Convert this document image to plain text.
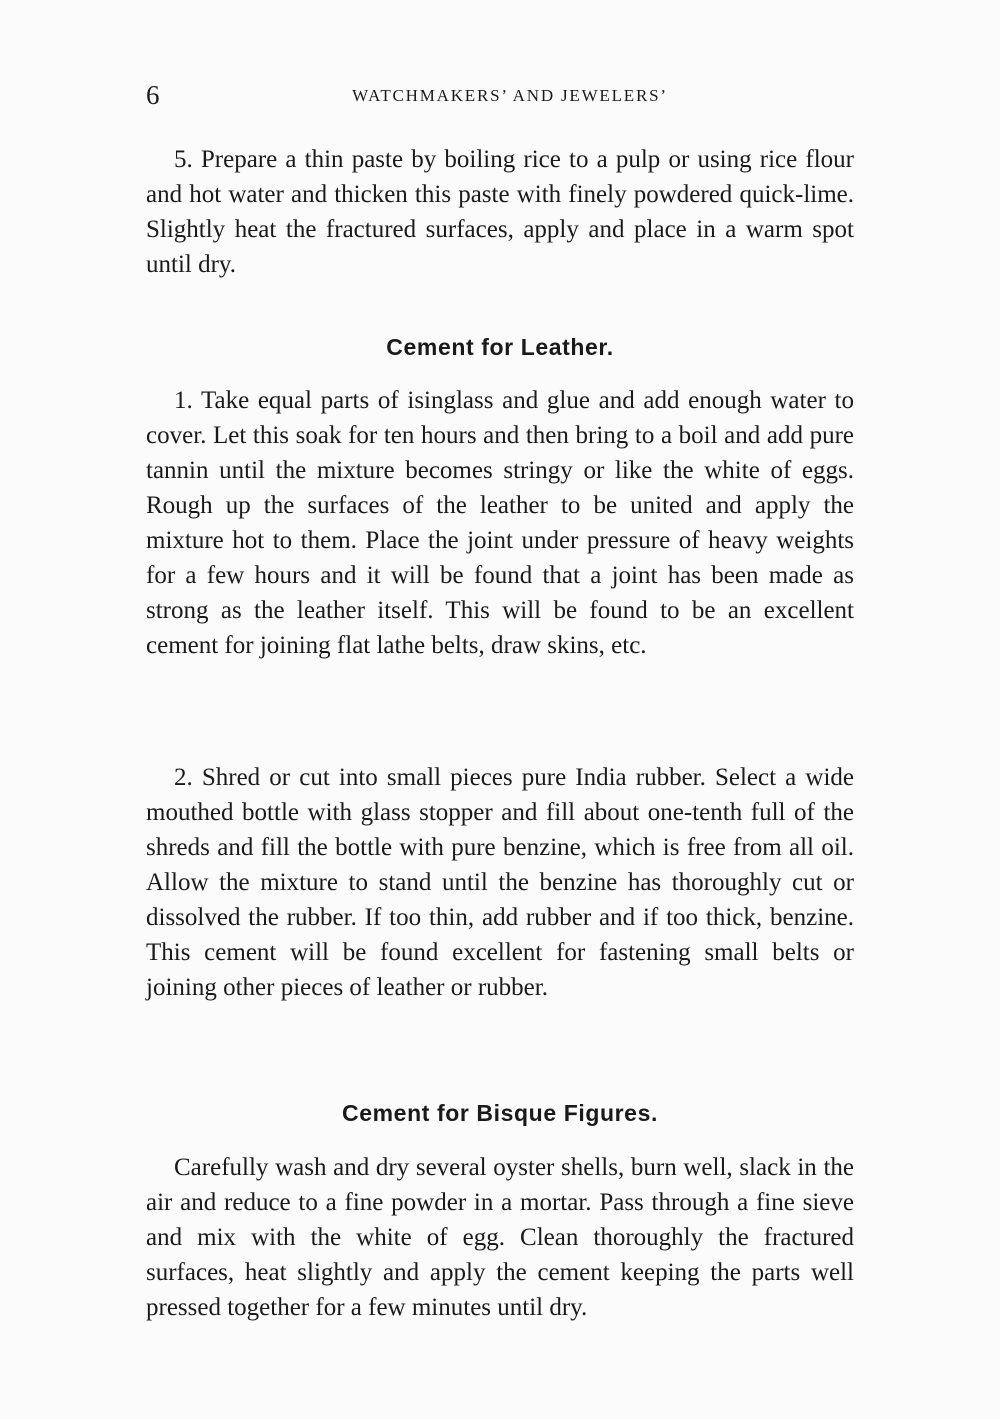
6	WATCHMAKERS’ AND JEWELERS’

5. Prepare a thin paste by boiling rice to a pulp or using rice flour and hot water and thicken this paste with finely powdered quick-lime. Slightly heat the fractured surfaces, apply and place in a warm spot until dry.

Cement for Leather.

1. Take equal parts of isinglass and glue and add enough water to cover. Let this soak for ten hours and then bring to a boil and add pure tannin until the mixture becomes stringy or like the white of eggs. Rough up the surfaces of the leather to be united and apply the mixture hot to them. Place the joint under pressure of heavy weights for a few hours and it will be found that a joint has been made as strong as the leather itself. This will be found to be an excellent cement for joining flat lathe belts, draw skins, etc.

2. Shred or cut into small pieces pure India rubber. Select a wide mouthed bottle with glass stopper and fill about one-tenth full of the shreds and fill the bottle with pure benzine, which is free from all oil. Allow the mixture to stand until the benzine has thoroughly cut or dissolved the rubber. If too thin, add rubber and if too thick, benzine. This cement will be found excellent for fastening small belts or joining other pieces of leather or rubber.

Cement for Bisque Figures.

Carefully wash and dry several oyster shells, burn well, slack in the air and reduce to a fine powder in a mortar. Pass through a fine sieve and mix with the white of egg. Clean thoroughly the fractured surfaces, heat slightly and apply the cement keeping the parts well pressed together for a few minutes until dry.
